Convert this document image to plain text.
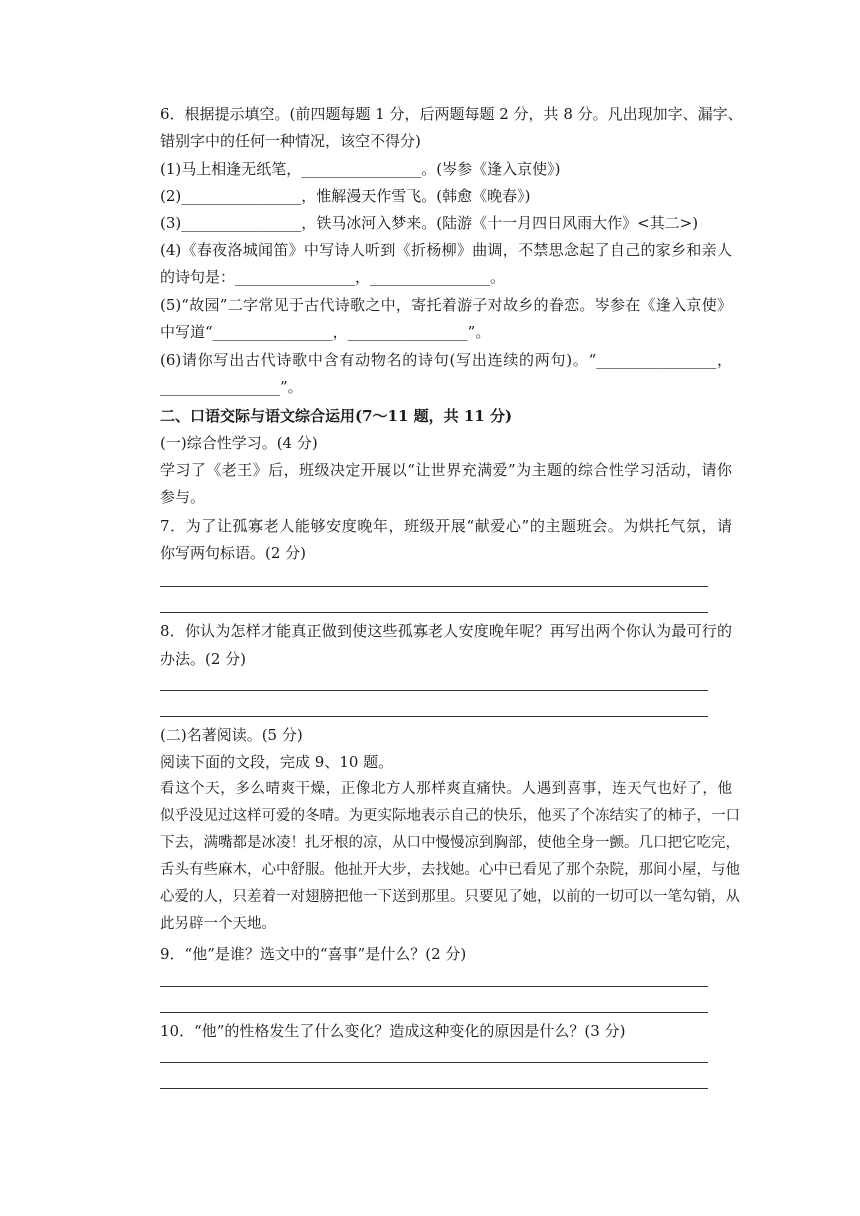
6．根据提示填空。(前四题每题 1 分，后两题每题 2 分，共 8 分。凡出现加字、漏字、
错别字中的任何一种情况，该空不得分)
(1)马上相逢无纸笔，________________。(岑参《逢入京使》)
(2)________________，惟解漫天作雪飞。(韩愈《晚春》)
(3)________________，铁马冰河入梦来。(陆游《十一月四日风雨大作》<其二>)
(4)《春夜洛城闻笛》中写诗人听到《折杨柳》曲调，不禁思念起了自己的家乡和亲人
的诗句是：________________，________________。
(5)“故园”二字常见于古代诗歌之中，寄托着游子对故乡的眷恋。岑参在《逢入京使》
中写道“________________，________________”。
(6)请你写出古代诗歌中含有动物名的诗句(写出连续的两句)。“________________，
________________”。
二、口语交际与语文综合运用(7～11 题，共 11 分)
(一)综合性学习。(4 分)
学习了《老王》后，班级决定开展以“让世界充满爱”为主题的综合性学习活动，请你
参与。
7．为了让孤寡老人能够安度晚年，班级开展“献爱心”的主题班会。为烘托气氛，请
你写两句标语。(2 分)
8．你认为怎样才能真正做到使这些孤寡老人安度晚年呢？再写出两个你认为最可行的
办法。(2 分)
(二)名著阅读。(5 分)
阅读下面的文段，完成 9、10 题。
看这个天，多么晴爽干燥，正像北方人那样爽直痛快。人遇到喜事，连天气也好了，他
似乎没见过这样可爱的冬晴。为更实际地表示自己的快乐，他买了个冻结实了的柿子，一口
下去，满嘴都是冰凌！扎牙根的凉，从口中慢慢凉到胸部，使他全身一颤。几口把它吃完，
舌头有些麻木，心中舒服。他扯开大步，去找她。心中已看见了那个杂院，那间小屋，与他
心爱的人，只差着一对翅膀把他一下送到那里。只要见了她，以前的一切可以一笔勾销，从
此另辟一个天地。
9．“他”是谁？选文中的“喜事”是什么？(2 分)
10．“他”的性格发生了什么变化？造成这种变化的原因是什么？(3 分)
